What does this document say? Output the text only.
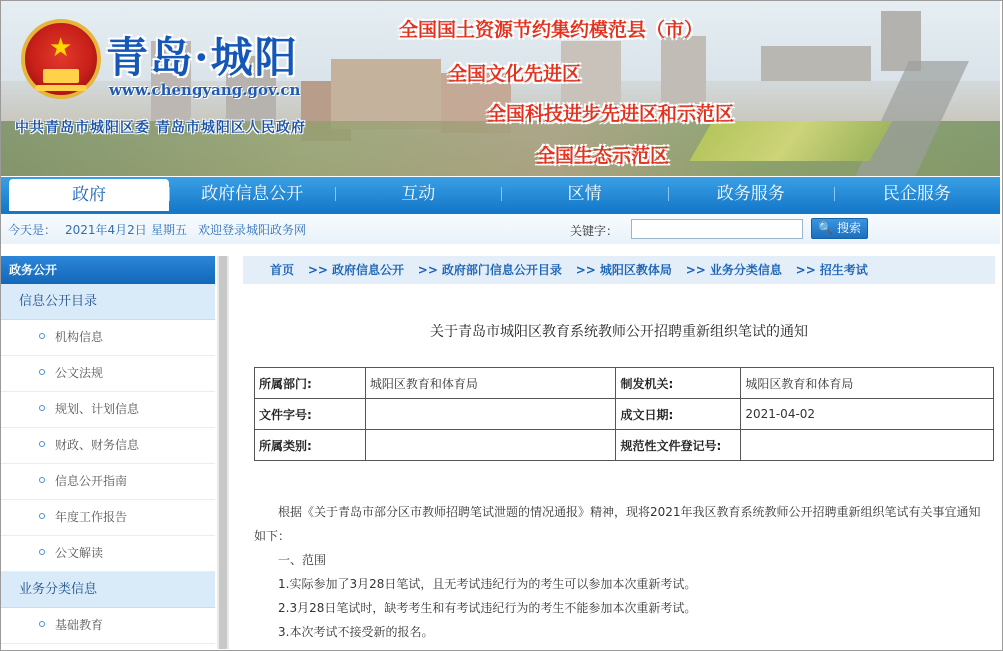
★ 青岛·城阳
www.chengyang.gov.cn
中共青岛市城阳区委 青岛市城阳区人民政府
全国国土资源节约集约模范县（市）
全国文化先进区
全国科技进步先进区和示范区
全国生态示范区
政府	政府信息公开	互动	区情	政务服务	民企服务
今天是： 2021年4月2日 星期五 欢迎登录城阳政务网	关键字：	🔍 搜索
政务公开
信息公开目录
机构信息
公文法规
规划、计划信息
财政、财务信息
信息公开指南
年度工作报告
公文解读
业务分类信息
基础教育
首页 >> 政府信息公开 >> 政府部门信息公开目录 >> 城阳区教体局 >> 业务分类信息 >> 招生考试
关于青岛市城阳区教育系统教师公开招聘重新组织笔试的通知
所属部门:	城阳区教育和体育局	制发机关:	城阳区教育和体育局
文件字号:		成文日期:	2021-04-02
所属类别:		规范性文件登记号:	

根据《关于青岛市部分区市教师招聘笔试泄题的情况通报》精神，现将2021年我区教育系统教师公开招聘重新组织笔试有关事宜通知如下：

一、范围

1.实际参加了3月28日笔试，且无考试违纪行为的考生可以参加本次重新考试。

2.3月28日笔试时，缺考考生和有考试违纪行为的考生不能参加本次重新考试。

3.本次考试不接受新的报名。
